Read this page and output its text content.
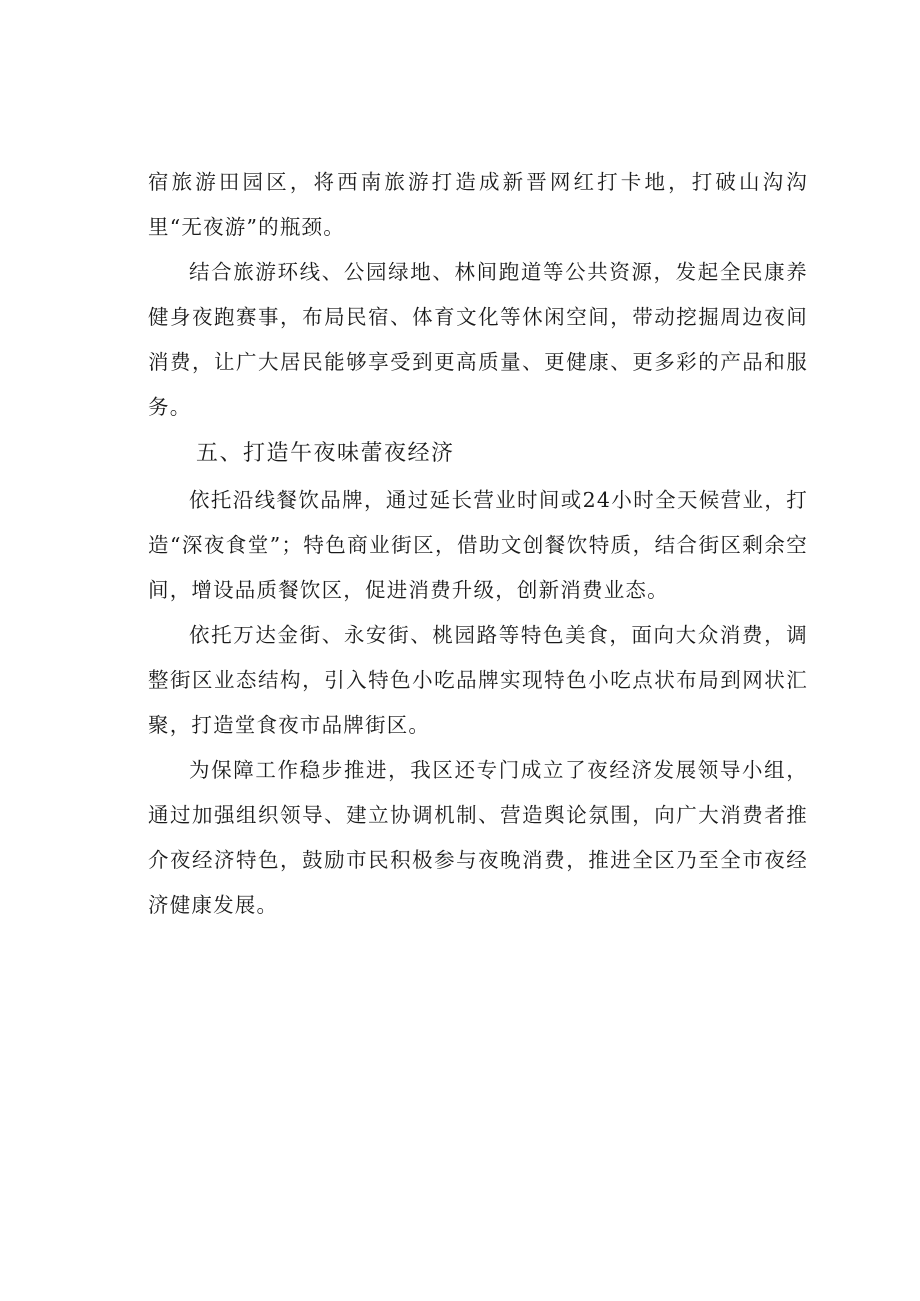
宿旅游田园区，将西南旅游打造成新晋网红打卡地，打破山沟沟里“无夜游”的瓶颈。

结合旅游环线、公园绿地、林间跑道等公共资源，发起全民康养健身夜跑赛事，布局民宿、体育文化等休闲空间，带动挖掘周边夜间消费，让广大居民能够享受到更高质量、更健康、更多彩的产品和服务。

五、打造午夜味蕾夜经济

依托沿线餐饮品牌，通过延长营业时间或24小时全天候营业，打造“深夜食堂”；特色商业街区，借助文创餐饮特质，结合街区剩余空间，增设品质餐饮区，促进消费升级，创新消费业态。

依托万达金街、永安街、桃园路等特色美食，面向大众消费，调整街区业态结构，引入特色小吃品牌实现特色小吃点状布局到网状汇聚，打造堂食夜市品牌街区。

为保障工作稳步推进，我区还专门成立了夜经济发展领导小组，通过加强组织领导、建立协调机制、营造舆论氛围，向广大消费者推介夜经济特色，鼓励市民积极参与夜晚消费，推进全区乃至全市夜经济健康发展。
